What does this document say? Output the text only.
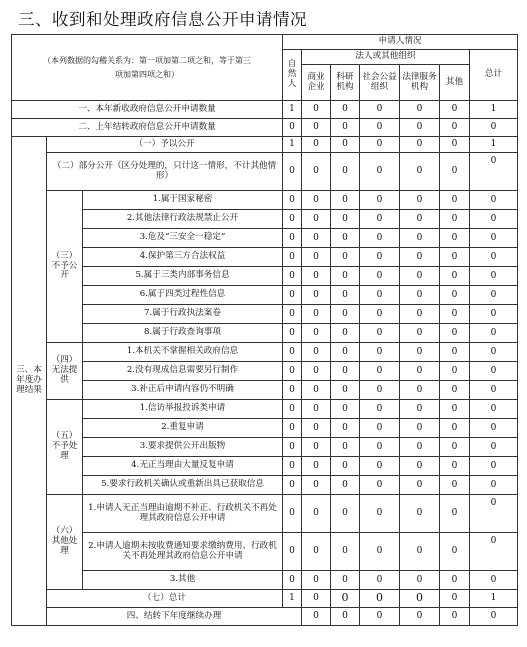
三、收到和处理政府信息公开申请情况
（本列数据的勾稽关系为：第一项加第二项之和，等于第三
项加第四项之和）			申请人情况							
			自然人	法人或其他组织					总计	
				商业企业	科研机构	社会公益组织	法律服务机构	其他		
一、本年新收政府信息公开申请数量			1	0	0	0	0	0	1	
二、上年结转政府信息公开申请数量			0	0	0	0	0	0	0	
三、本年度办理结果	（一）予以公开		1	0	0	0	0	0	1	
	（二）部分公开（区分处理的，只计这一情形，不计其他情形）		0	0	0	0	0	0	0	
	（三）不予公开	1.属于国家秘密	0	0	0	0	0	0	0	
		2.其他法律行政法规禁止公开	0	0	0	0	0	0	0	
		3.危及“三安全一稳定”	0	0	0	0	0	0	0	
		4.保护第三方合法权益	0	0	0	0	0	0	0	
		5.属于三类内部事务信息	0	0	0	0	0	0	0	
		6.属于四类过程性信息	0	0	0	0	0	0	0	
		7.属于行政执法案卷	0	0	0	0	0	0	0	
		8.属于行政查询事项	0	0	0	0	0	0	0	
	（四）无法提供	1.本机关不掌握相关政府信息	0	0	0	0	0	0	0	
		2.没有现成信息需要另行制作	0	0	0	0	0	0	0	
		3.补正后申请内容仍不明确	0	0	0	0	0	0	0	
	（五）不予处理	1.信访举报投诉类申请	0	0	0	0	0	0	0	
		2.重复申请	0	0	0	0	0	0	0	
		3.要求提供公开出版物	0	0	0	0	0	0	0	
		4.无正当理由大量反复申请	0	0	0	0	0	0	0	
		5.要求行政机关确认或重新出具已获取信息	0	0	0	0	0	0	0	
	（六）其他处理	1.申请人无正当理由逾期不补正、行政机关不再处理其政府信息公开申请	0	0	0	0	0	0	0	
		2.申请人逾期未按收费通知要求缴纳费用、行政机关不再处理其政府信息公开申请	0	0	0	0	0	0	0	
		3.其他	0	0	0	0	0	0	0	
	（七）总计		1	0	0	0	0	0	1	
	四、结转下年度继续办理			0	0	0	0	0	0	
